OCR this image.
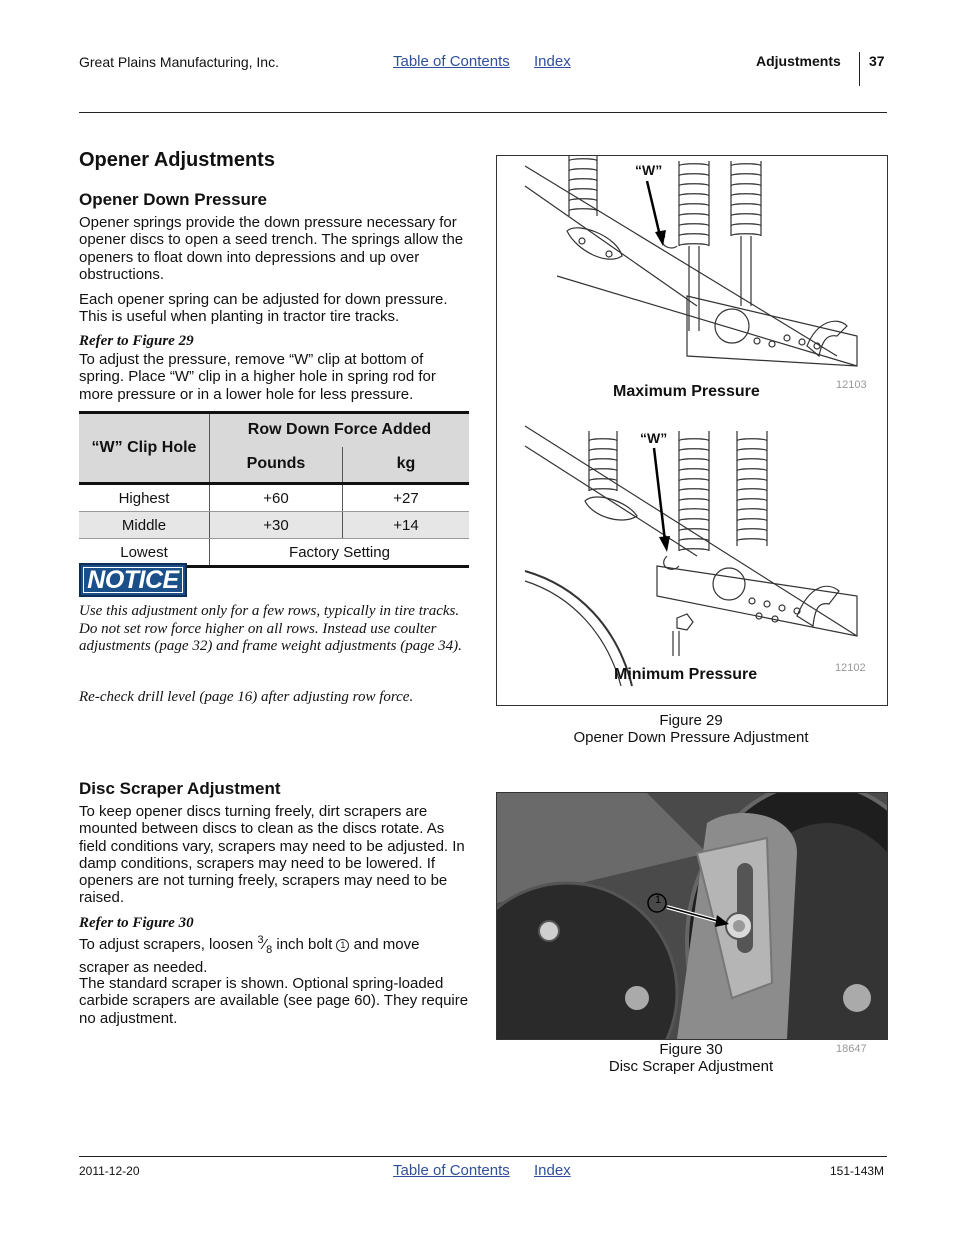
Great Plains Manufacturing, Inc.	Table of Contents Index	Adjustments 37
Opener Adjustments
Opener Down Pressure

Opener springs provide the down pressure necessary for opener discs to open a seed trench. The springs allow the openers to float down into depressions and up over obstructions.

Each opener spring can be adjusted for down pressure. This is useful when planting in tractor tire tracks.

Refer to Figure 29

To adjust the pressure, remove “W” clip at bottom of spring. Place “W” clip in a higher hole in spring rod for more pressure or in a lower hole for less pressure.

“W” Clip Hole	Row Down Force Added	
	Pounds	kg
Highest	+60	+27
Middle	+30	+14
Lowest	Factory Setting	
NOTICE
Use this adjustment only for a few rows, typically in tire tracks. Do not set row force higher on all rows. Instead use coulter adjustments (page 32) and frame weight adjustments (page 34).
Re-check drill level (page 16) after adjusting row force.
“W”
“W”
Maximum Pressure	12103
Minimum Pressure	12102
Figure 29
Opener Down Pressure Adjustment
Disc Scraper Adjustment

To keep opener discs turning freely, dirt scrapers are mounted between discs to clean as the discs rotate. As field conditions vary, scrapers may need to be adjusted. In damp conditions, scrapers may need to be lowered. If openers are not turning freely, scrapers may need to be raised.

Refer to Figure 30

To adjust scrapers, loosen $^3⁄_8$ inch bolt 1 and move scraper as needed.

The standard scraper is shown. Optional spring-loaded carbide scrapers are available (see page 60). They require no adjustment.

1
Figure 30
Disc Scraper Adjustment
18647
2011-12-20	Table of Contents Index	151-143M
